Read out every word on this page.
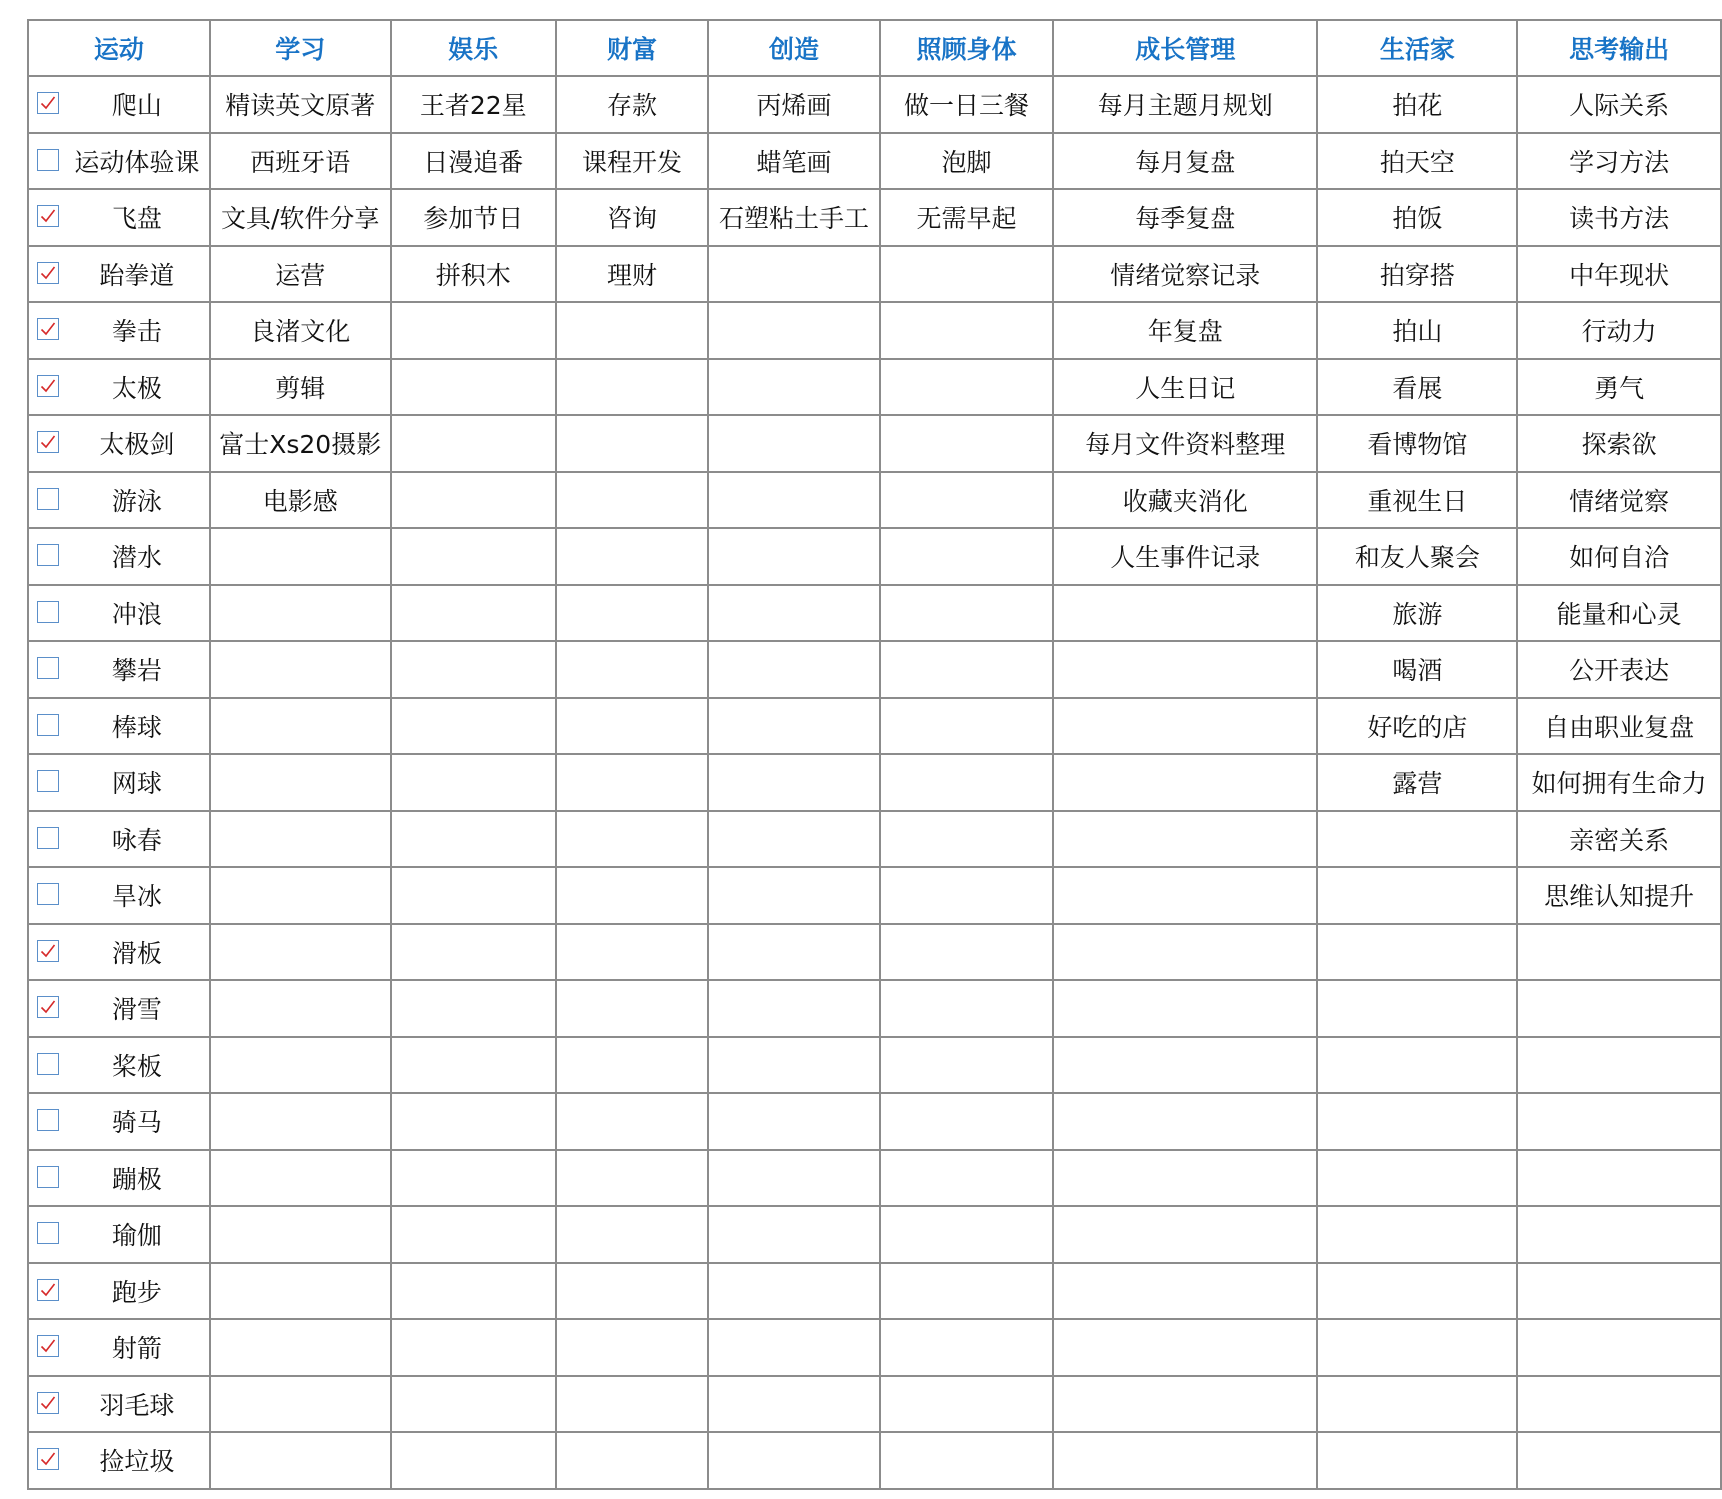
运动	学习	娱乐	财富	创造	照顾身体	成长管理	生活家	思考输出

爬山	精读英文原著	王者22星	存款	丙烯画	做一日三餐	每月主题月规划	拍花	人际关系

运动体验课	西班牙语	日漫追番	课程开发	蜡笔画	泡脚	每月复盘	拍天空	学习方法

飞盘	文具/软件分享	参加节日	咨询	石塑粘土手工	无需早起	每季复盘	拍饭	读书方法

跆拳道	运营	拼积木	理财			情绪觉察记录	拍穿搭	中年现状

拳击	良渚文化					年复盘	拍山	行动力

太极	剪辑					人生日记	看展	勇气

太极剑	富士Xs20摄影					每月文件资料整理	看博物馆	探索欲

游泳	电影感					收藏夹消化	重视生日	情绪觉察

潜水						人生事件记录	和友人聚会	如何自洽

冲浪							旅游	能量和心灵

攀岩							喝酒	公开表达

棒球							好吃的店	自由职业复盘

网球							露营	如何拥有生命力

咏春								亲密关系

旱冰								思维认知提升

滑板								

滑雪								

桨板								

骑马								

蹦极								

瑜伽								

跑步								

射箭								

羽毛球								

捡垃圾								
